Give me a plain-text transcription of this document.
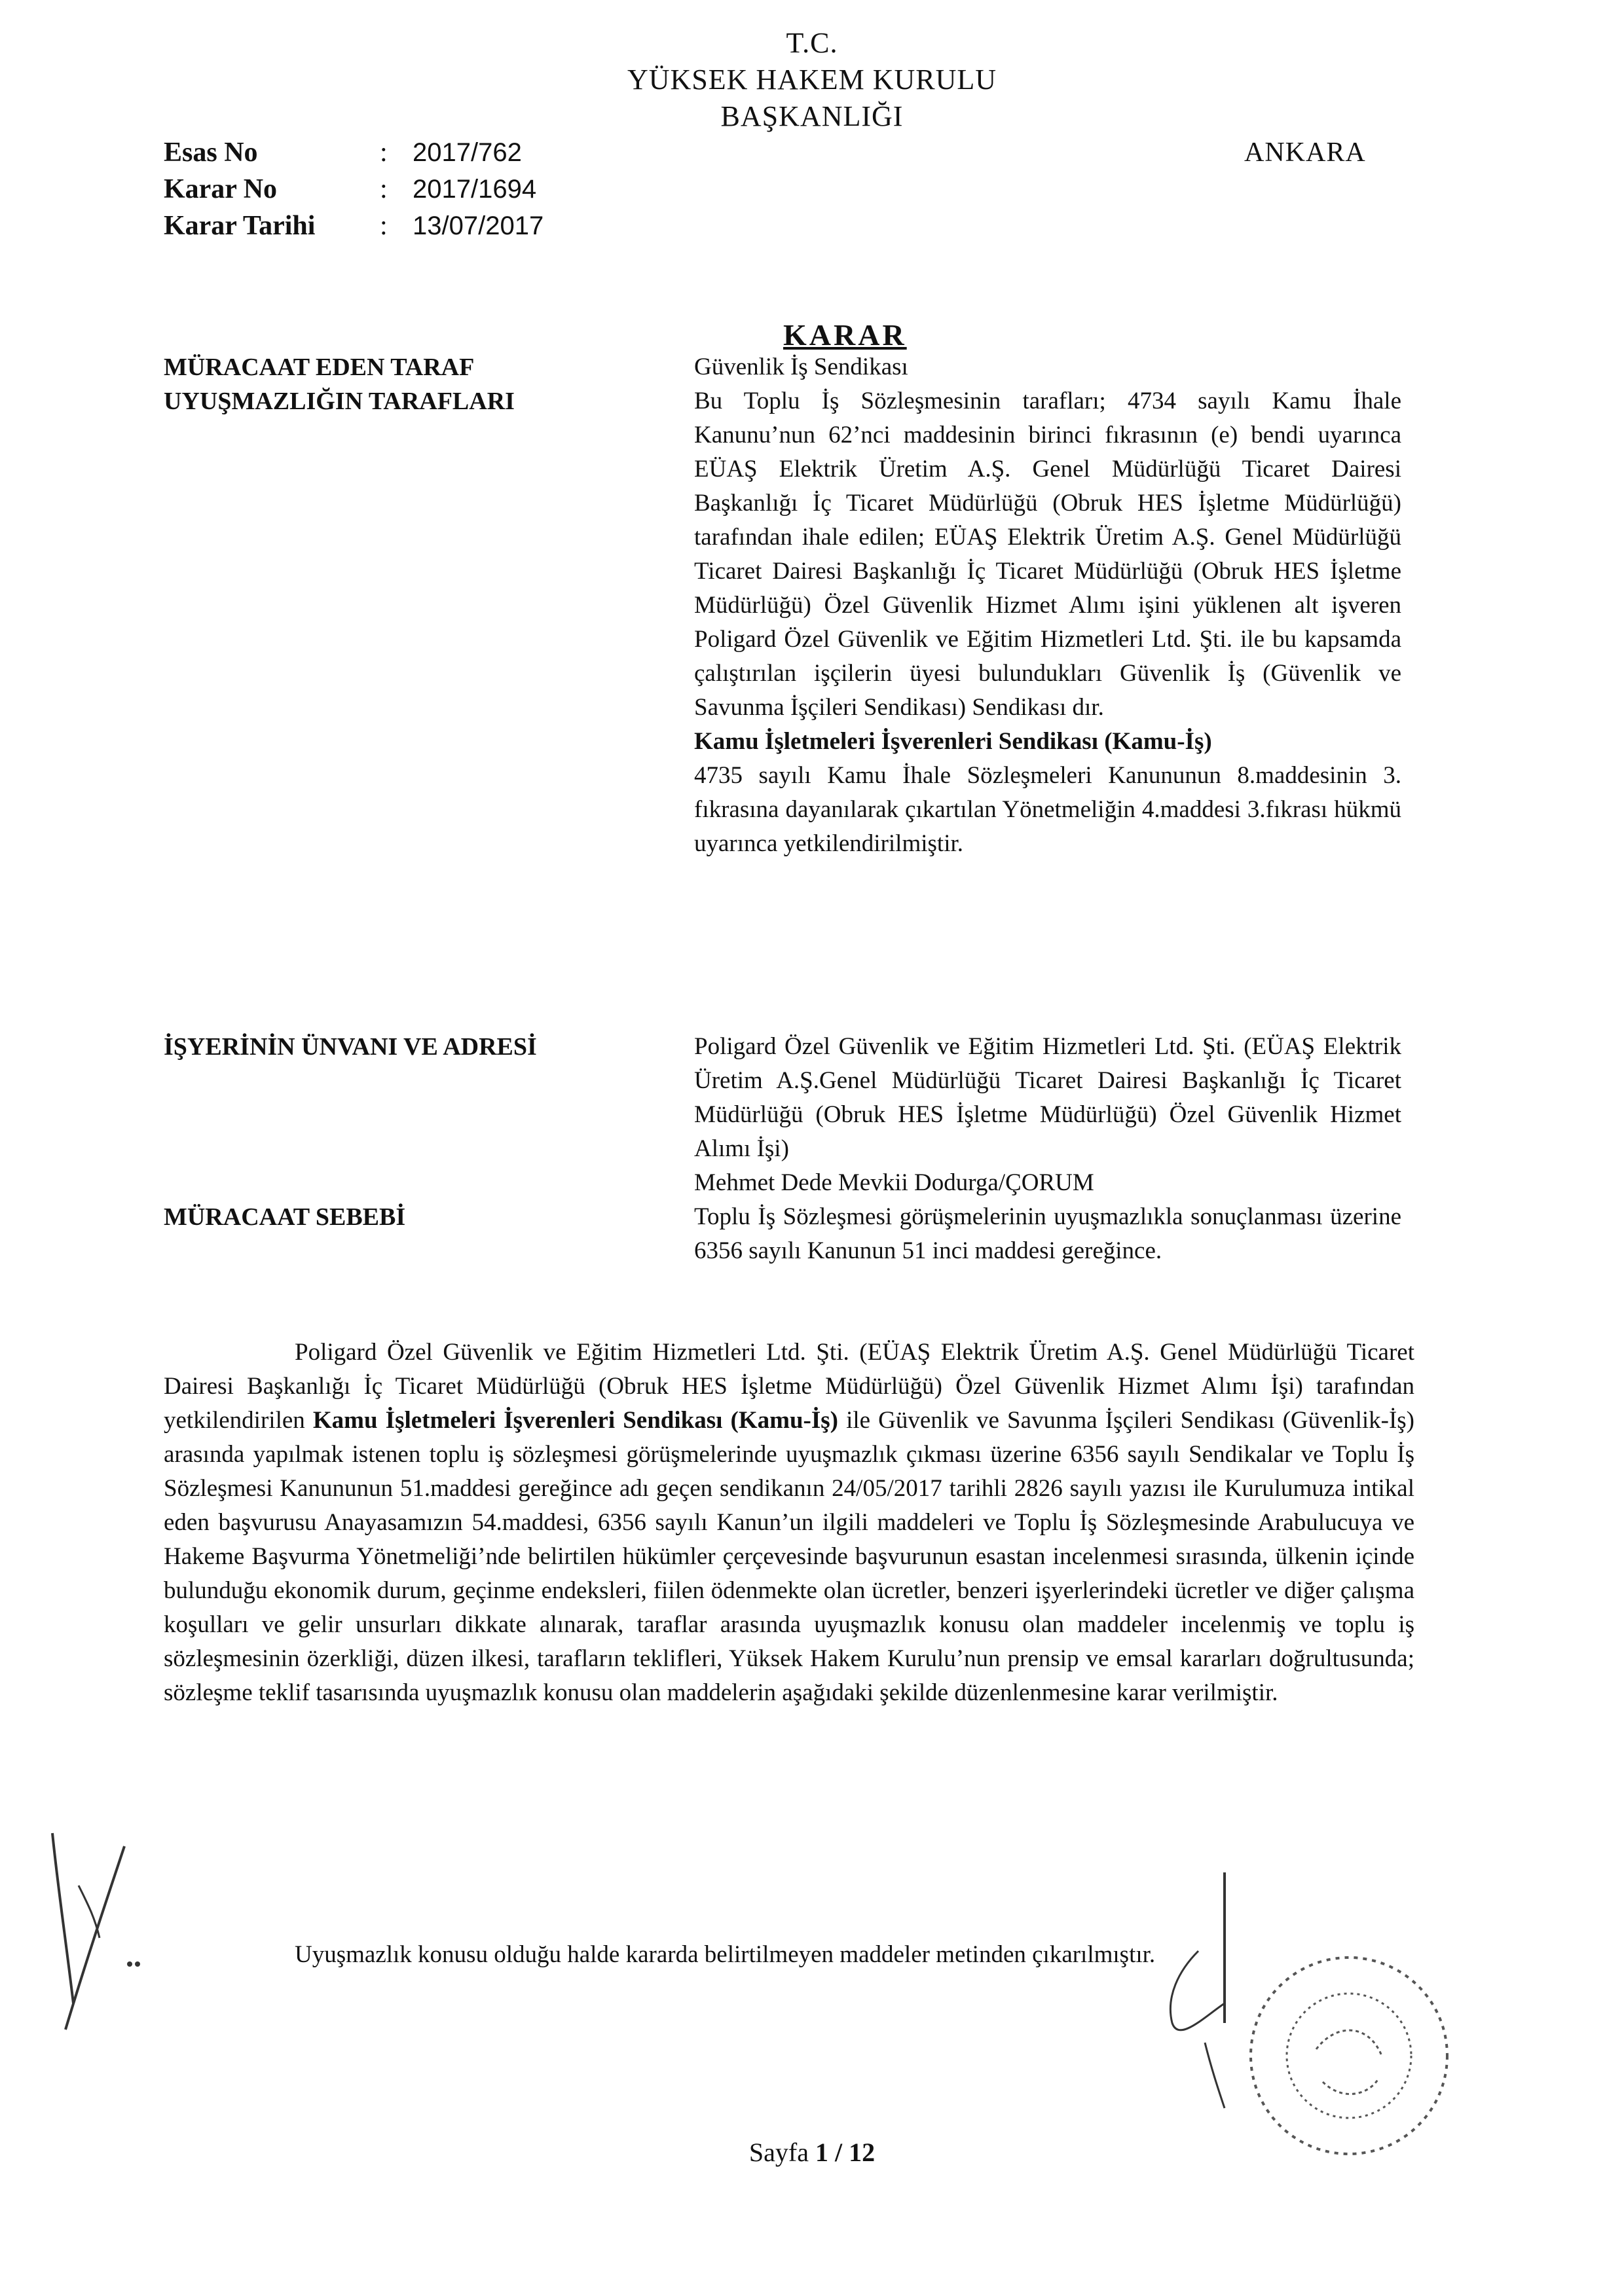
T.C.
YÜKSEK HAKEM KURULU
BAŞKANLIĞI
Esas No	: 2017/762
Karar No	: 2017/1694
Karar Tarihi	: 13/07/2017
ANKARA
KARAR
MÜRACAAT EDEN TARAF	Güvenlik İş Sendikası

UYUŞMAZLIĞIN TARAFLARI	Bu Toplu İş Sözleşmesinin tarafları; 4734 sayılı Kamu İhale Kanunu’nun 62’nci maddesinin birinci fıkrasının (e) bendi uyarınca EÜAŞ Elektrik Üretim A.Ş. Genel Müdürlüğü Ticaret Dairesi Başkanlığı İç Ticaret Müdürlüğü (Obruk HES İşletme Müdürlüğü) tarafından ihale edilen; EÜAŞ Elektrik Üretim A.Ş. Genel Müdürlüğü Ticaret Dairesi Başkanlığı İç Ticaret Müdürlüğü (Obruk HES İşletme Müdürlüğü) Özel Güvenlik Hizmet Alımı işini yüklenen alt işveren Poligard Özel Güvenlik ve Eğitim Hizmetleri Ltd. Şti. ile bu kapsamda çalıştırılan işçilerin üyesi bulundukları Güvenlik İş (Güvenlik ve Savunma İşçileri Sendikası) Sendikası dır.

Kamu İşletmeleri İşverenleri Sendikası (Kamu-İş)

4735 sayılı Kamu İhale Sözleşmeleri Kanununun 8.maddesinin 3. fıkrasına dayanılarak çıkartılan Yönetmeliğin 4.maddesi 3.fıkrası hükmü uyarınca yetkilendirilmiştir.

İŞYERİNİN ÜNVANI VE ADRESİ	Poligard Özel Güvenlik ve Eğitim Hizmetleri Ltd. Şti. (EÜAŞ Elektrik Üretim A.Ş.Genel Müdürlüğü Ticaret Dairesi Başkanlığı İç Ticaret Müdürlüğü (Obruk HES İşletme Müdürlüğü) Özel Güvenlik Hizmet Alımı İşi)

Mehmet Dede Mevkii Dodurga/ÇORUM

MÜRACAAT SEBEBİ	Toplu İş Sözleşmesi görüşmelerinin uyuşmazlıkla sonuçlanması üzerine 6356 sayılı Kanunun 51 inci maddesi gereğince.

Poligard Özel Güvenlik ve Eğitim Hizmetleri Ltd. Şti. (EÜAŞ Elektrik Üretim A.Ş. Genel Müdürlüğü Ticaret Dairesi Başkanlığı İç Ticaret Müdürlüğü (Obruk HES İşletme Müdürlüğü) Özel Güvenlik Hizmet Alımı İşi) tarafından yetkilendirilen Kamu İşletmeleri İşverenleri Sendikası (Kamu-İş) ile Güvenlik ve Savunma İşçileri Sendikası (Güvenlik-İş) arasında yapılmak istenen toplu iş sözleşmesi görüşmelerinde uyuşmazlık çıkması üzerine 6356 sayılı Sendikalar ve Toplu İş Sözleşmesi Kanununun 51.maddesi gereğince adı geçen sendikanın 24/05/2017 tarihli 2826 sayılı yazısı ile Kurulumuza intikal eden başvurusu Anayasamızın 54.maddesi, 6356 sayılı Kanun’un ilgili maddeleri ve Toplu İş Sözleşmesinde Arabulucuya ve Hakeme Başvurma Yönetmeliği’nde belirtilen hükümler çerçevesinde başvurunun esastan incelenmesi sırasında, ülkenin içinde bulunduğu ekonomik durum, geçinme endeksleri, fiilen ödenmekte olan ücretler, benzeri işyerlerindeki ücretler ve diğer çalışma koşulları ve gelir unsurları dikkate alınarak, taraflar arasında uyuşmazlık konusu olan maddeler incelenmiş ve toplu iş sözleşmesinin özerkliği, düzen ilkesi, tarafların teklifleri, Yüksek Hakem Kurulu’nun prensip ve emsal kararları doğrultusunda; sözleşme teklif tasarısında uyuşmazlık konusu olan maddelerin aşağıdaki şekilde düzenlenmesine karar verilmiştir.

Uyuşmazlık konusu olduğu halde kararda belirtilmeyen maddeler metinden çıkarılmıştır.

Sayfa 1 / 12
